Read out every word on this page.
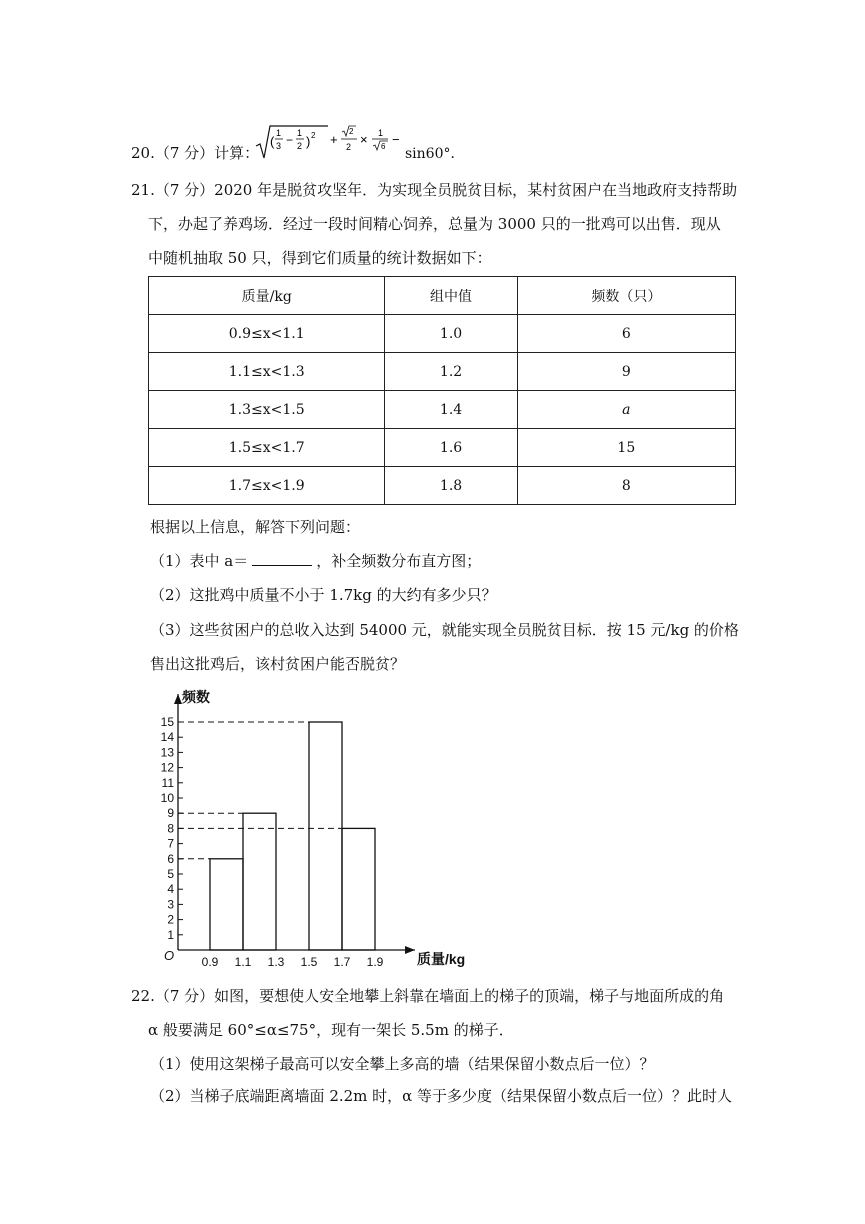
20.（7 分）计算：
(
1
3 − 1
2 ) 2 +
2
2 × 1
6 −
sin60°．
21.（7 分）2020 年是脱贫攻坚年．为实现全员脱贫目标，某村贫困户在当地政府支持帮助
下，办起了养鸡场．经过一段时间精心饲养，总量为 3000 只的一批鸡可以出售．现从
中随机抽取 50 只，得到它们质量的统计数据如下：
质量/kg	组中值	频数（只）
0.9≤x<1.1	1.0	6
1.1≤x<1.3	1.2	9
1.3≤x<1.5	1.4	a
1.5≤x<1.7	1.6	15
1.7≤x<1.9	1.8	8
根据以上信息，解答下列问题：
（1）表中 a＝	，补全频数分布直方图；
（2）这批鸡中质量不小于 1.7kg 的大约有多少只？
（3）这些贫困户的总收入达到 54000 元，就能实现全员脱贫目标．按 15 元/kg 的价格
售出这批鸡后，该村贫困户能否脱贫？
1
2
3
4
5
6
7
8
9
10
11
12
13
14
15
0.9 1.1 1.3 1.5 1.7 1.9
O
频数
质量/kg
22.（7 分）如图，要想使人安全地攀上斜靠在墙面上的梯子的顶端，梯子与地面所成的角
α 般要满足 60°≤α≤75°，现有一架长 5.5m 的梯子．
（1）使用这架梯子最高可以安全攀上多高的墙（结果保留小数点后一位）？
（2）当梯子底端距离墙面 2.2m 时，α 等于多少度（结果保留小数点后一位）？此时人
